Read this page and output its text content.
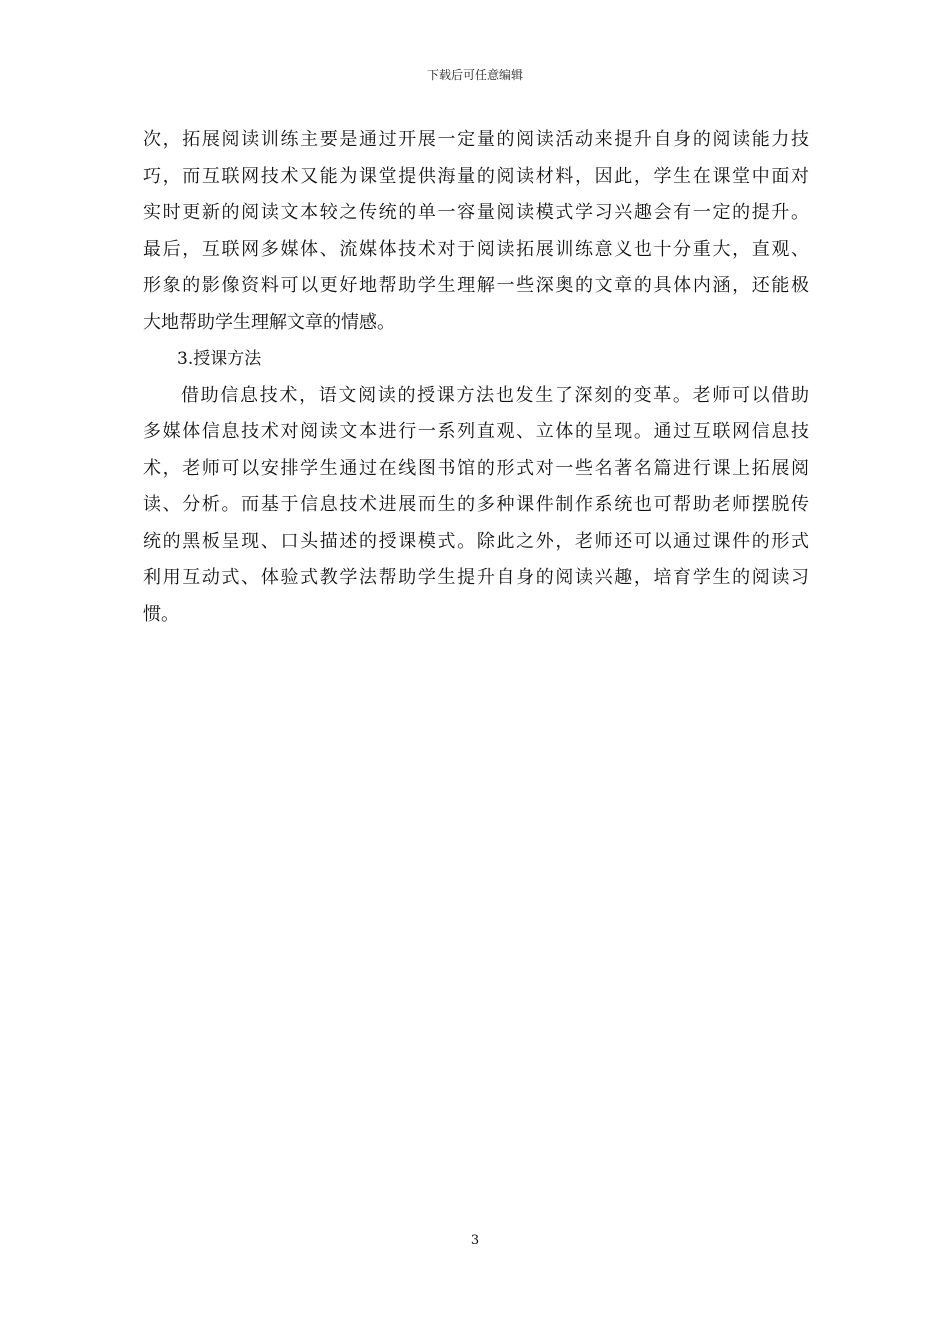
下载后可任意编辑
次，拓展阅读训练主要是通过开展一定量的阅读活动来提升自身的阅读能力技
巧，而互联网技术又能为课堂提供海量的阅读材料，因此，学生在课堂中面对
实时更新的阅读文本较之传统的单一容量阅读模式学习兴趣会有一定的提升。
最后，互联网多媒体、流媒体技术对于阅读拓展训练意义也十分重大，直观、
形象的影像资料可以更好地帮助学生理解一些深奥的文章的具体内涵，还能极
大地帮助学生理解文章的情感。
3.授课方法
借助信息技术，语文阅读的授课方法也发生了深刻的变革。老师可以借助
多媒体信息技术对阅读文本进行一系列直观、立体的呈现。通过互联网信息技
术，老师可以安排学生通过在线图书馆的形式对一些名著名篇进行课上拓展阅
读、分析。而基于信息技术进展而生的多种课件制作系统也可帮助老师摆脱传
统的黑板呈现、口头描述的授课模式。除此之外，老师还可以通过课件的形式
利用互动式、体验式教学法帮助学生提升自身的阅读兴趣，培育学生的阅读习
惯。
3
